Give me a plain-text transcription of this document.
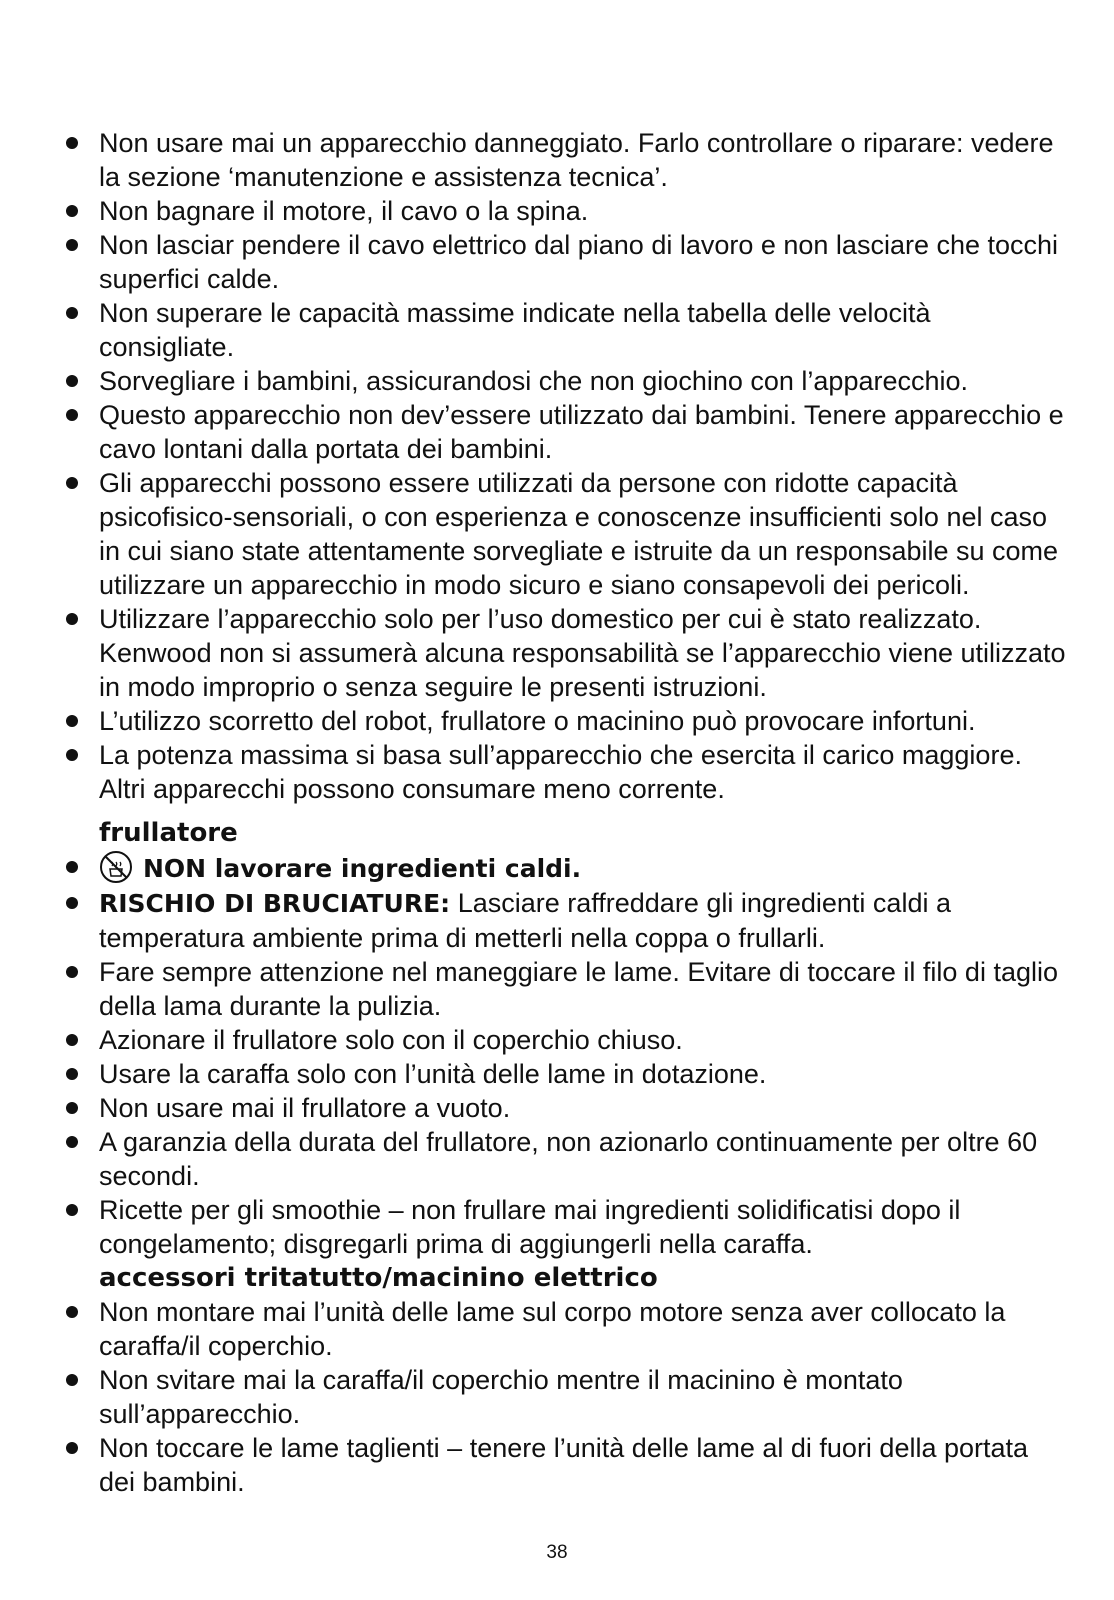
Non usare mai un apparecchio danneggiato. Farlo controllare o riparare: vedere la sezione ‘manutenzione e assistenza tecnica’.
Non bagnare il motore, il cavo o la spina.
Non lasciar pendere il cavo elettrico dal piano di lavoro e non lasciare che tocchi superfici calde.
Non superare le capacità massime indicate nella tabella delle velocità consigliate.
Sorvegliare i bambini, assicurandosi che non giochino con l’apparecchio.
Questo apparecchio non dev’essere utilizzato dai bambini. Tenere apparecchio e cavo lontani dalla portata dei bambini.
Gli apparecchi possono essere utilizzati da persone con ridotte capacità psicofisico-sensoriali, o con esperienza e conoscenze insufficienti solo nel caso in cui siano state attentamente sorvegliate e istruite da un responsabile su come utilizzare un apparecchio in modo sicuro e siano consapevoli dei pericoli.
Utilizzare l’apparecchio solo per l’uso domestico per cui è stato realizzato. Kenwood non si assumerà alcuna responsabilità se l’apparecchio viene utilizzato in modo improprio o senza seguire le presenti istruzioni.
L’utilizzo scorretto del robot, frullatore o macinino può provocare infortuni.
La potenza massima si basa sull’apparecchio che esercita il carico maggiore. Altri apparecchi possono consumare meno corrente.
frullatore
NON lavorare ingredienti caldi.
RISCHIO DI BRUCIATURE: Lasciare raffreddare gli ingredienti caldi a temperatura ambiente prima di metterli nella coppa o frullarli.
Fare sempre attenzione nel maneggiare le lame. Evitare di toccare il filo di taglio della lama durante la pulizia.
Azionare il frullatore solo con il coperchio chiuso.
Usare la caraffa solo con l’unità delle lame in dotazione.
Non usare mai il frullatore a vuoto.
A garanzia della durata del frullatore, non azionarlo continuamente per oltre 60 secondi.
Ricette per gli smoothie – non frullare mai ingredienti solidificatisi dopo il congelamento; disgregarli prima di aggiungerli nella caraffa.
accessori tritatutto/macinino elettrico
Non montare mai l’unità delle lame sul corpo motore senza aver collocato la caraffa/il coperchio.
Non svitare mai la caraffa/il coperchio mentre il macinino è montato sull’apparecchio.
Non toccare le lame taglienti – tenere l’unità delle lame al di fuori della portata dei bambini.
38
